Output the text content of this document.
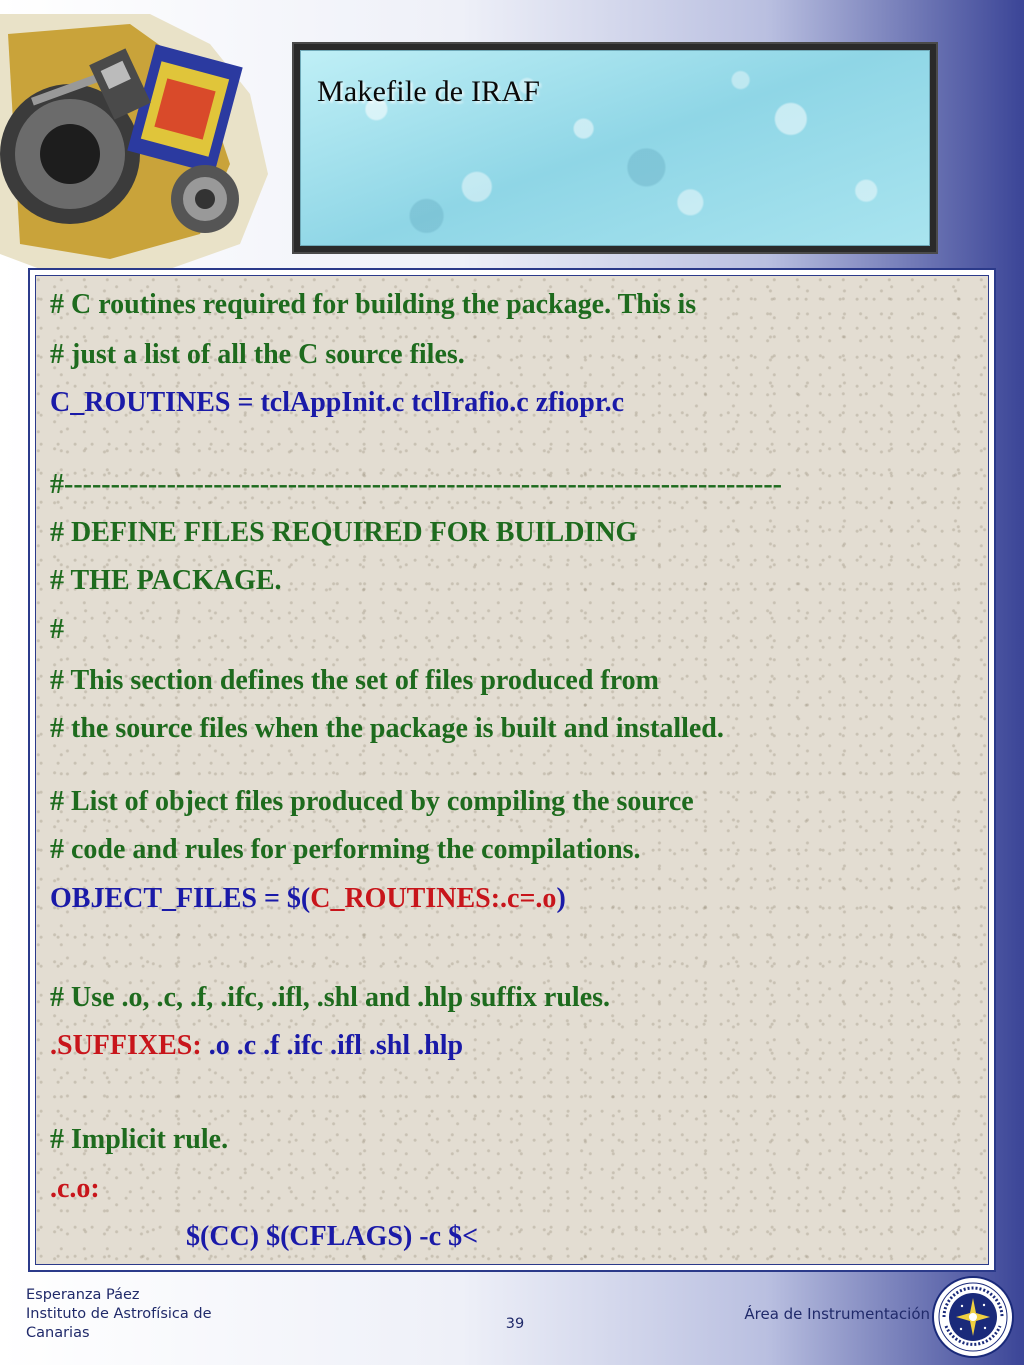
Makefile de IRAF
# C routines required for building the package. This is
# just a list of all the C source files.
C_ROUTINES = tclAppInit.c tclIrafio.c zfiopr.c
#-----------------------------------------------------------------------------
# DEFINE FILES REQUIRED FOR BUILDING
# THE PACKAGE.
#
# This section defines the set of files produced from
# the source files when the package is built and installed.
# List of object files produced by compiling the source
# code and rules for performing the compilations.
OBJECT_FILES = $(C_ROUTINES:.c=.o)
# Use .o, .c, .f, .ifc, .ifl, .shl and .hlp suffix rules.
.SUFFIXES: .o .c .f .ifc .ifl .shl .hlp
# Implicit rule.
.c.o:
$(CC) $(CFLAGS) -c $<
Esperanza Páez
Instituto de Astrofísica de
Canarias
39
Área de Instrumentación
